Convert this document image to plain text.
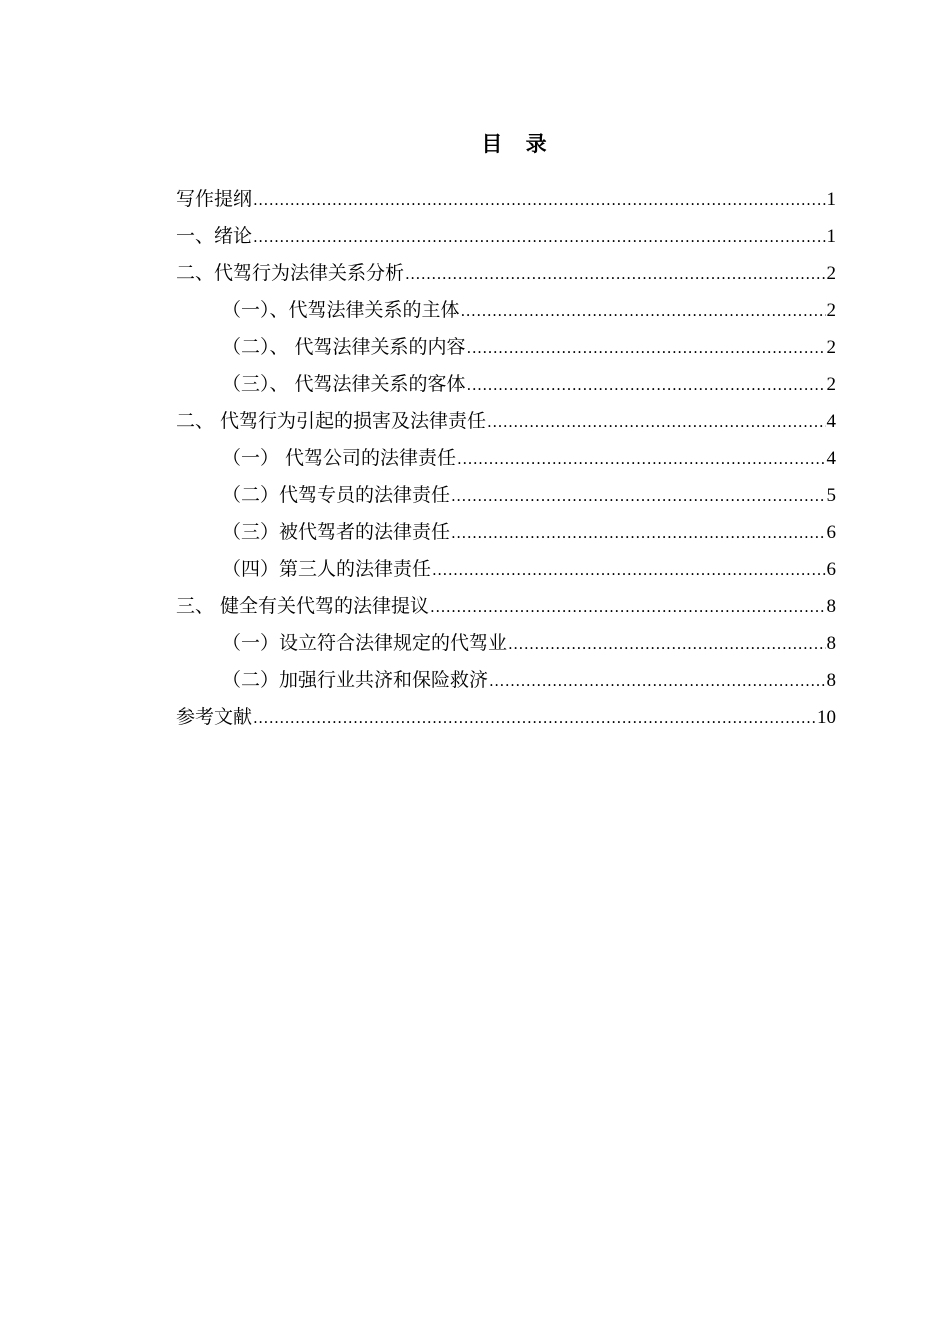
目 录
写作提纲 .....	1
一、绪论 .....	1
二、代驾行为法律关系分析 .....	2
（一）、代驾法律关系的主体 .....	2
（二）、 代驾法律关系的内容 .....	2
（三）、 代驾法律关系的客体 .....	2
二、 代驾行为引起的损害及法律责任 .....	4
（一） 代驾公司的法律责任 .....	4
（二）代驾专员的法律责任 .....	5
（三）被代驾者的法律责任 .....	6
（四）第三人的法律责任 .....	6
三、 健全有关代驾的法律提议 .....	8
（一）设立符合法律规定的代驾业 .....	8
（二）加强行业共济和保险救济 .....	8
参考文献 .....	10
